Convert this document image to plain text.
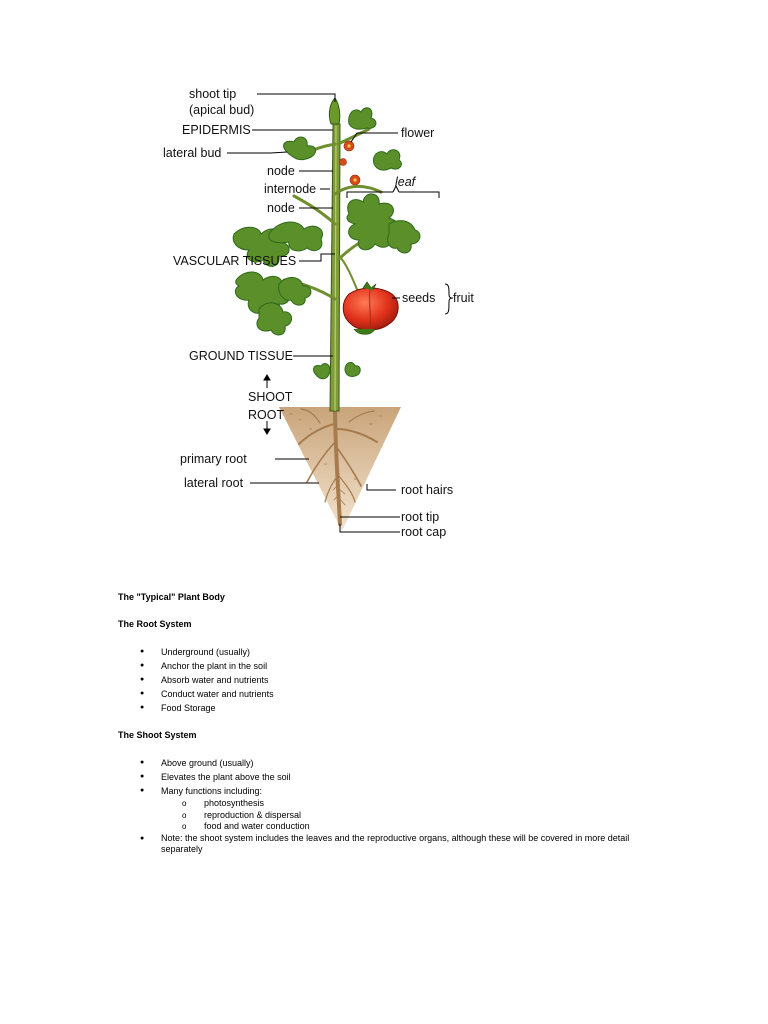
shoot tip
(apical bud)
EPIDERMIS
lateral bud
node
internode
node
VASCULAR TISSUES
GROUND TISSUE
SHOOT
ROOT
primary root
lateral root
flower
leaf
seeds fruit
root hairs
root tip
root cap

The "Typical" Plant Body

The Root System

● Underground (usually)
● Anchor the plant in the soil
● Absorb water and nutrients
● Conduct water and nutrients
● Food Storage

The Shoot System

● Above ground (usually)
● Elevates the plant above the soil
● Many functions including:
o photosynthesis
o reproduction & dispersal
o food and water conduction
● Note: the shoot system includes the leaves and the reproductive organs, although these will be covered in more detail separately
